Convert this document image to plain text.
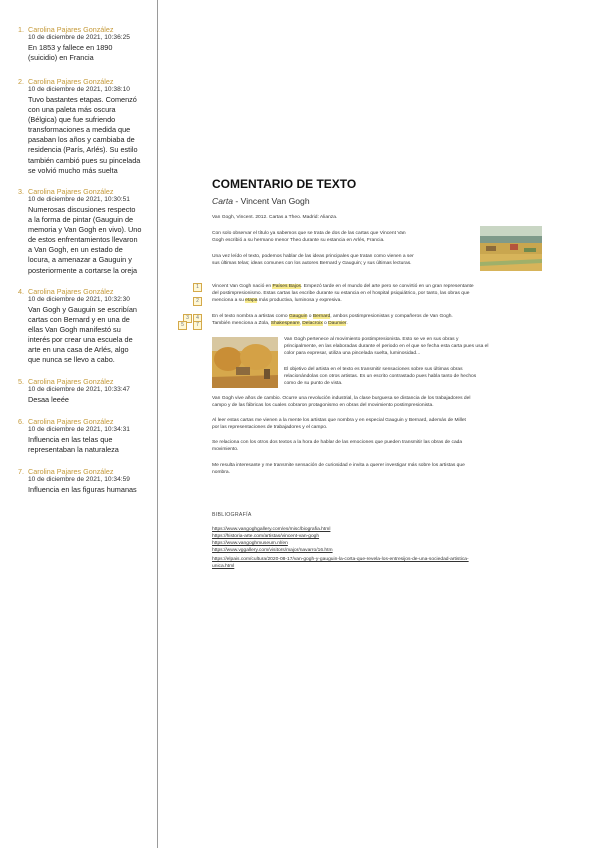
1. Carolina Pajares González
10 de diciembre de 2021, 10:36:25
En 1853 y fallece en 1890
(suicidio) en Francia
2. Carolina Pajares González
10 de diciembre de 2021, 10:38:10
Tuvo bastantes etapas. Comenzó
con una paleta más oscura
(Bélgica) que fue sufriendo
transformaciones a medida que
pasaban los años y cambiaba de
residencia (París, Arlés). Su estilo
también cambió pues su pincelada
se volvió mucho más suelta
3. Carolina Pajares González
10 de diciembre de 2021, 10:30:51
Numerosas discusiones respecto
a la forma de pintar (Gauguin de
memoria y Van Gogh en vivo). Uno
de estos enfrentamientos llevaron
a Van Gogh, en un estado de
locura, a amenazar a Gauguin y
posteriormente a cortarse la oreja
4. Carolina Pajares González
10 de diciembre de 2021, 10:32:30
Van Gogh y Gauguin se escribían
cartas con Bernard y en una de
ellas Van Gogh manifestó su
interés por crear una escuela de
arte en una casa de Arlés, algo
que nunca se llevo a cabo.
5. Carolina Pajares González
10 de diciembre de 2021, 10:33:47
Desaa leeée
6. Carolina Pajares González
10 de diciembre de 2021, 10:34:31
Influencia en las telas que
representaban la naturaleza
7. Carolina Pajares González
10 de diciembre de 2021, 10:34:59
Influencia en las figuras humanas
COMENTARIO DE TEXTO
Carta - Vincent Van Gogh
Van Gogh, Vincent. 2012. Cartas a Theo. Madrid: Alianza.
Con solo observar el título ya sabemos que se trata de dos de las cartas que Vincent Van
Gogh escribió a su hermano menor Theo durante su estancia en Arlés, Francia.
Una vez leído el texto, podemos hablar de las ideas principales que tratan como vienen a ser
sus últimas telas; ideas comunes con los autores Bernard y Gauguin; y sus últimas lecturas.
1
2
3	4
5	7
Vincent Van Gogh nació en Países Bajos. Empezó tarde en el mundo del arte pero se convirtió en un gran representante
del postimpresionismo. Estas cartas las escribe durante su estancia en el hospital psiquiátrico, por tanto, las obras que
menciona a su etapa más productiva, luminosa y expresiva.
En el texto nombra a artistas como Gauguin o Bernard, ambos postimpresionistas y compañeros de Van Gogh.
También menciona a Zola, Shakespeare, Delacroix o Daumier.
Van Gogh pertenece al movimiento postimpresionista. Esto se ve en sus obras y
principalmente, en las elaboradas durante el periodo en el que se fecha esta carta pues usa el
color para expresar, utiliza una pincelada suelta, luminosidad...
El objetivo del artista en el texto es transmitir sensaciones sobre sus últimas obras
relacionándolas con otros artistas. Es un escrito contrastado pues habla tanto de hechos
como de su punto de vista.
Van Gogh vive años de cambio. Ocurre una revolución industrial, la clase burguesa se distancia de los trabajadores del
campo y de las fábricas los cuales cobraron protagonismo en obras del movimiento postimpresionista.
Al leer estas cartas me vienen a la mente los artistas que nombra y en especial Gauguin y Bernard, además de Millet
por las representaciones de trabajadores y el campo.
Se relaciona con los otros dos textos a la hora de hablar de las emociones que pueden transmitir las obras de cada
movimiento.
Me resulta interesante y me transmite sensación de curiosidad e invita a querer investigar más sobre los artistas que
nombra.
BIBLIOGRAFÍA
https://www.vangoghgallery.com/es/misc/biografia.html
https://historia-arte.com/artistas/vincent-van-gogh
https://www.vangoghmuseum.nl/en
https://www.vggallery.com/visitors/major/navarro/16.htm
https://elpais.com/cultura/2020-08-17/van-gogh-y-gauguin-la-corta-que-revela-los-entresijos-de-una-sociedad-artistica-
unica.html
